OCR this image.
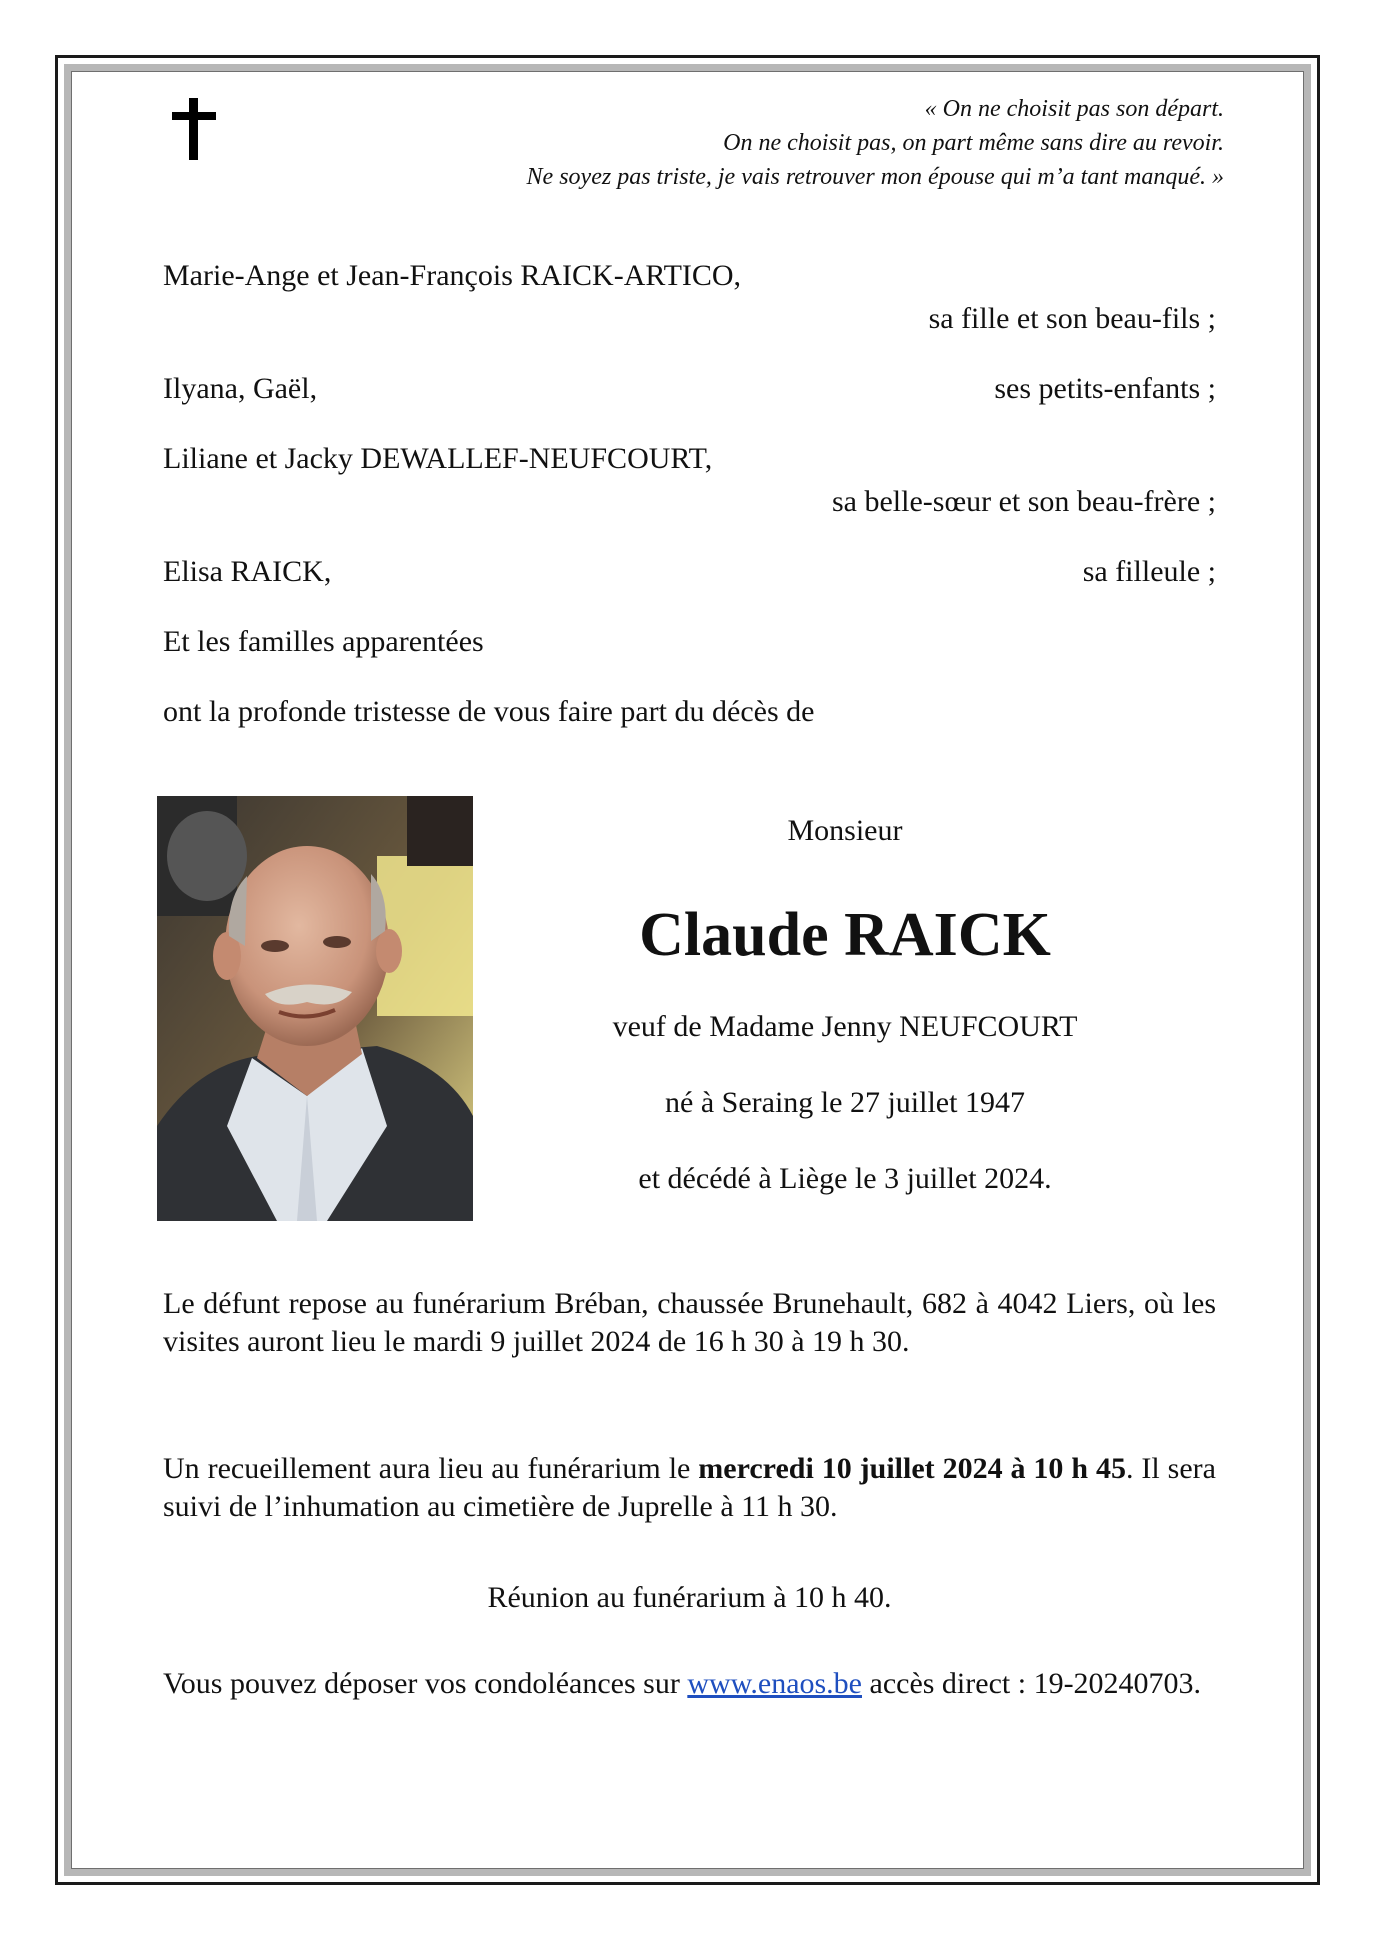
« On ne choisit pas son départ.
On ne choisit pas, on part même sans dire au revoir.
Ne soyez pas triste, je vais retrouver mon épouse qui m’a tant manqué. »
Marie-Ange et Jean-François RAICK-ARTICO,
sa fille et son beau-fils ;
Ilyana, Gaël,	ses petits-enfants ;
Liliane et Jacky DEWALLEF-NEUFCOURT,
sa belle-sœur et son beau-frère ;
Elisa RAICK,	sa filleule ;
Et les familles apparentées
ont la profonde tristesse de vous faire part du décès de
Monsieur
Claude RAICK
veuf de Madame Jenny NEUFCOURT
né à Seraing le 27 juillet 1947
et décédé à Liège le 3 juillet 2024.
Le défunt repose au funérarium Bréban, chaussée Brunehault, 682 à 4042 Liers, où les visites auront lieu le mardi 9 juillet 2024 de 16 h 30 à 19 h 30.
Un recueillement aura lieu au funérarium le mercredi 10 juillet 2024 à 10 h 45. Il sera suivi de l’inhumation au cimetière de Juprelle à 11 h 30.
Réunion au funérarium à 10 h 40.
Vous pouvez déposer vos condoléances sur www.enaos.be accès direct : 19-20240703.
